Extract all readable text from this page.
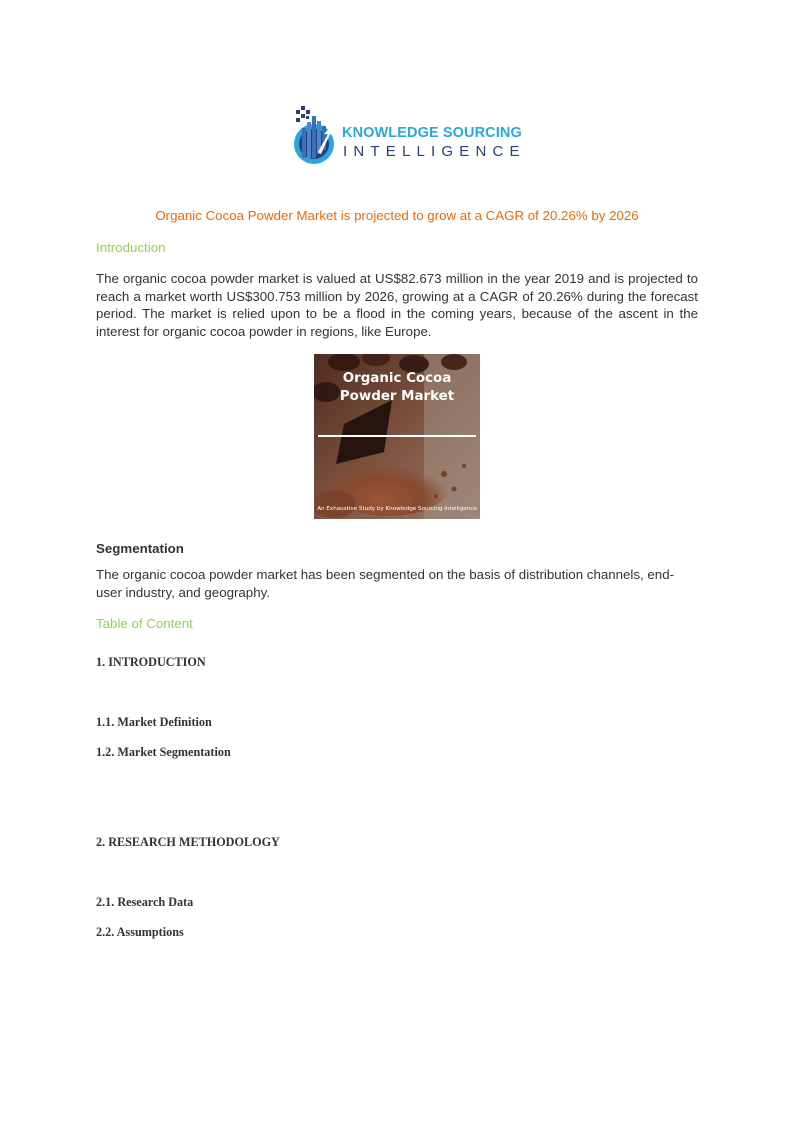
KNOWLEDGE SOURCING
INTELLIGENCE
Organic Cocoa Powder Market is projected to grow at a CAGR of 20.26% by 2026
Introduction
The organic cocoa powder market is valued at US$82.673 million in the year 2019 and is projected to reach a market worth US$300.753 million by 2026, growing at a CAGR of 20.26% during the forecast period. The market is relied upon to be a flood in the coming years, because of the ascent in the interest for organic cocoa powder in regions, like Europe.
Organic Cocoa Powder Market
An Exhaustive Study by Knowledge Sourcing Intelligence
Segmentation
The organic cocoa powder market has been segmented on the basis of distribution channels, end-user industry, and geography.
Table of Content
1. INTRODUCTION
1.1. Market Definition
1.2. Market Segmentation
2. RESEARCH METHODOLOGY
2.1. Research Data
2.2. Assumptions
